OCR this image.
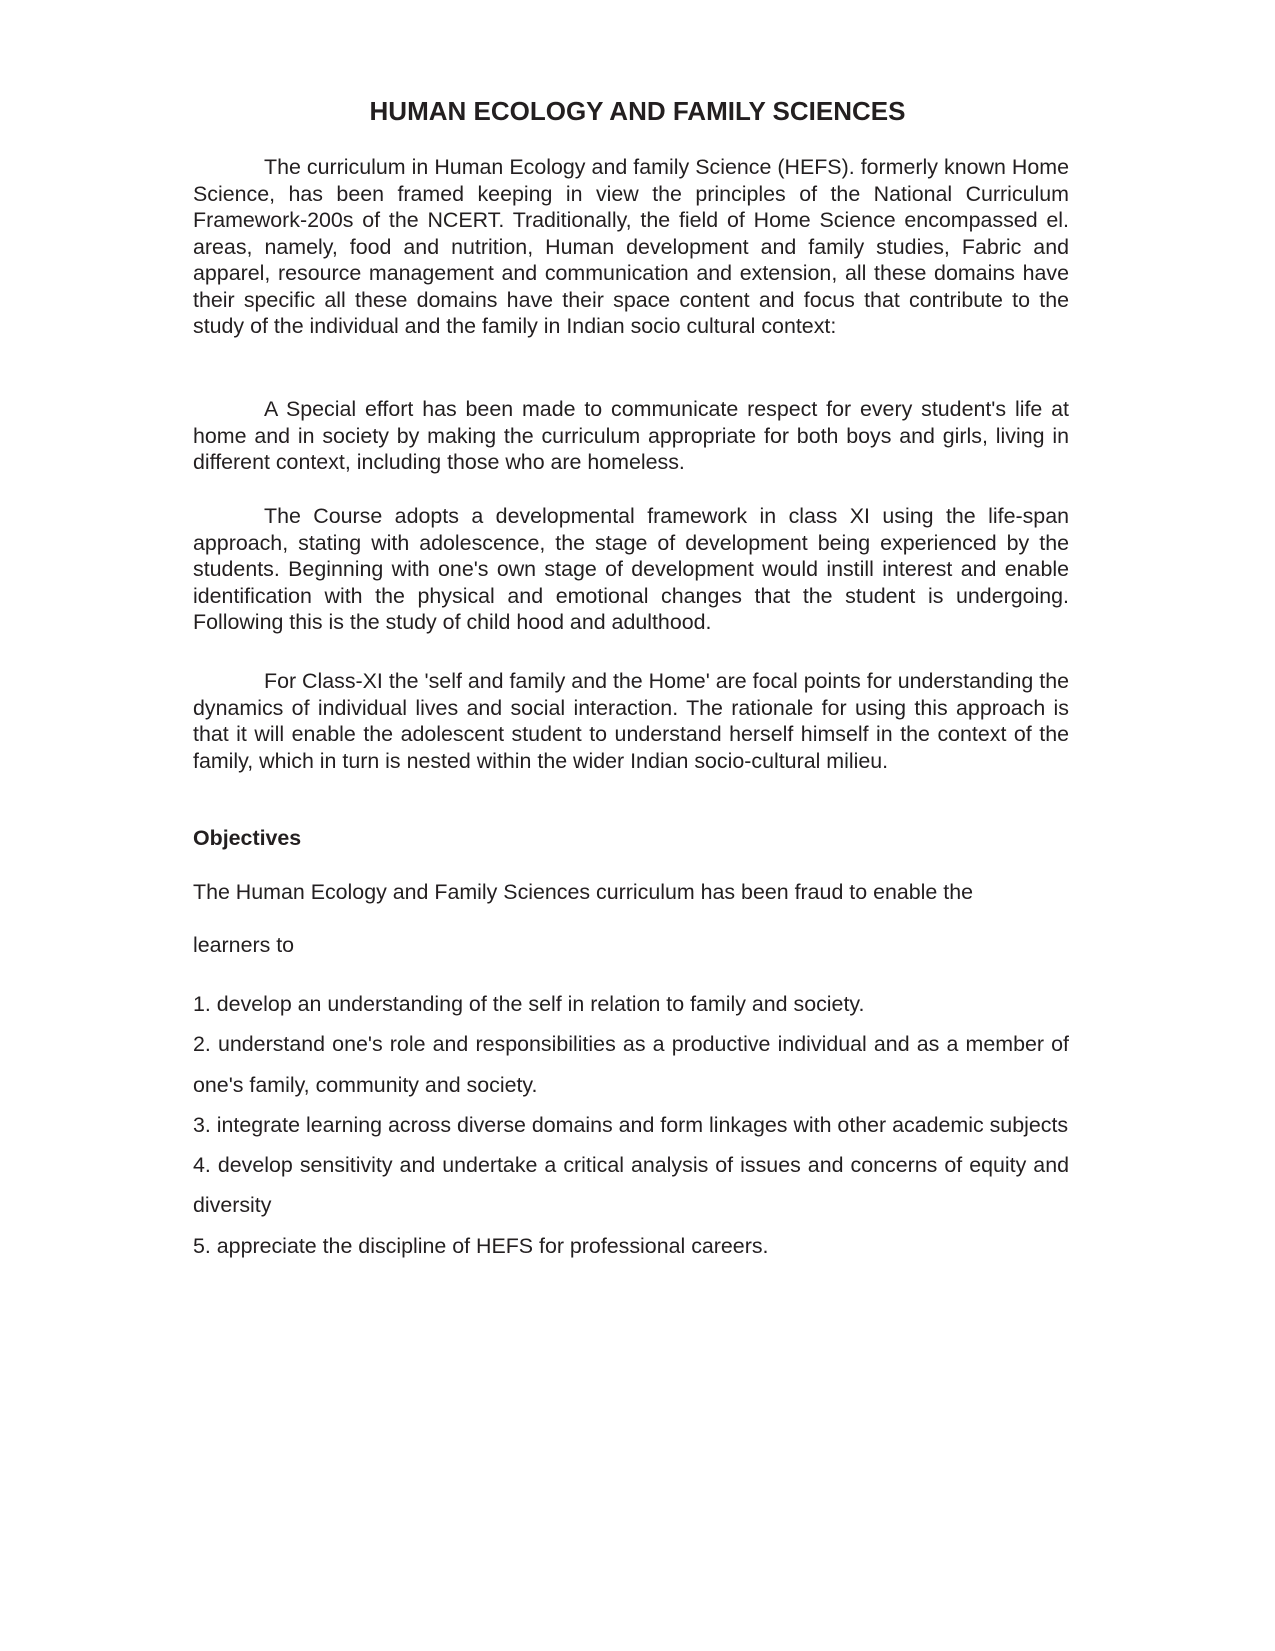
HUMAN ECOLOGY AND FAMILY SCIENCES

The curriculum in Human Ecology and family Science (HEFS). formerly known Home Science, has been framed keeping in view the principles of the National Curriculum Framework-200s of the NCERT. Traditionally, the field of Home Science encompassed el. areas, namely, food and nutrition, Human development and family studies, Fabric and apparel, resource management and communication and extension, all these domains have their specific all these domains have their space content and focus that contribute to the study of the individual and the family in Indian socio cultural context:

A Special effort has been made to communicate respect for every student's life at home and in society by making the curriculum appropriate for both boys and girls, living in different context, including those who are homeless.

The Course adopts a developmental framework in class XI using the life-span approach, stating with adolescence, the stage of development being experienced by the students. Beginning with one's own stage of development would instill interest and enable identification with the physical and emotional changes that the student is undergoing. Following this is the study of child hood and adulthood.

For Class-XI the 'self and family and the Home' are focal points for understanding the dynamics of individual lives and social interaction. The rationale for using this approach is that it will enable the adolescent student to understand herself himself in the context of the family, which in turn is nested within the wider Indian socio-cultural milieu.

Objectives

The Human Ecology and Family Sciences curriculum has been fraud to enable the

learners to

1. develop an understanding of the self in relation to family and society.
2. understand one's role and responsibilities as a productive individual and as a member of one's family, community and society.
3. integrate learning across diverse domains and form linkages with other academic subjects
4. develop sensitivity and undertake a critical analysis of issues and concerns of equity and diversity
5. appreciate the discipline of HEFS for professional careers.
